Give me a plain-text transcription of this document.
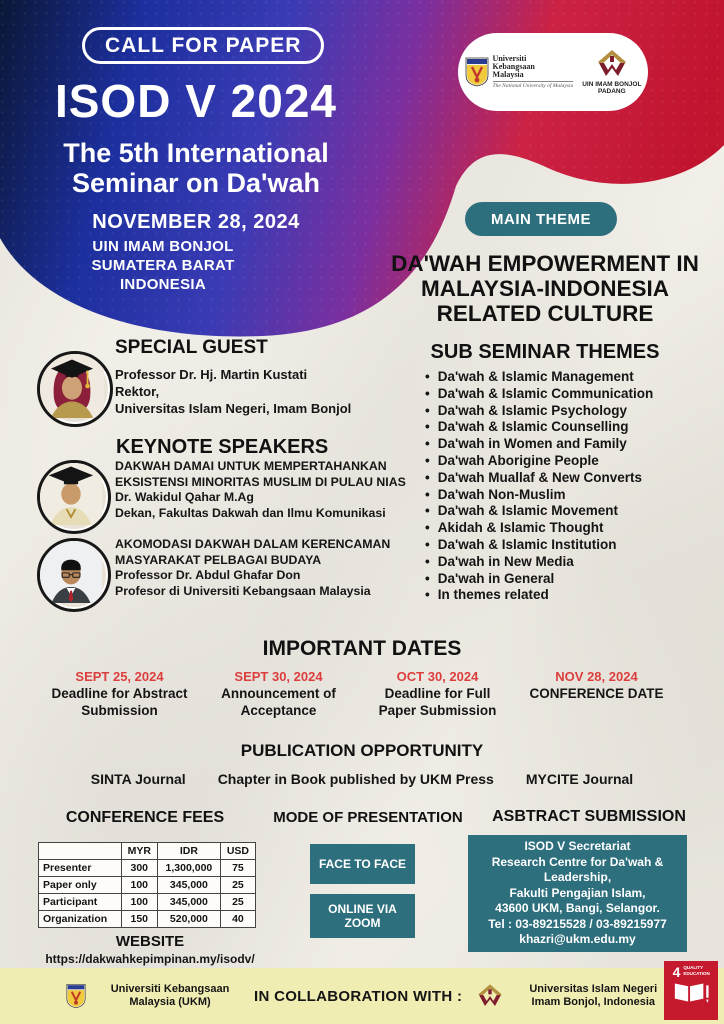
CALL FOR PAPER
ISOD V 2024
The 5th International
Seminar on Da'wah
NOVEMBER 28, 2024
UIN IMAM BONJOL
SUMATERA BARAT
INDONESIA
Universiti
Kebangsaan
Malaysia
The National University of Malaysia UIN IMAM BONJOL
PADANG
MAIN THEME
DA'WAH EMPOWERMENT IN MALAYSIA-INDONESIA RELATED CULTURE
SUB SEMINAR THEMES
• Da'wah & Islamic Management
• Da'wah & Islamic Communication
• Da'wah & Islamic Psychology
• Da'wah & Islamic Counselling
• Da'wah in Women and Family
• Da'wah Aborigine People
• Da'wah Muallaf & New Converts
• Da'wah Non-Muslim
• Da'wah & Islamic Movement
• Akidah & Islamic Thought
• Da'wah & Islamic Institution
• Da'wah in New Media
• Da'wah in General
• In themes related
SPECIAL GUEST
Professor Dr. Hj. Martin Kustati
Rektor,
Universitas Islam Negeri, Imam Bonjol
KEYNOTE SPEAKERS
DAKWAH DAMAI UNTUK MEMPERTAHANKAN EKSISTENSI MINORITAS MUSLIM DI PULAU NIAS
Dr. Wakidul Qahar M.Ag
Dekan, Fakultas Dakwah dan Ilmu Komunikasi
AKOMODASI DAKWAH DALAM KERENCAMAN MASYARAKAT PELBAGAI BUDAYA
Professor Dr. Abdul Ghafar Don
Profesor di Universiti Kebangsaan Malaysia
IMPORTANT DATES
SEPT 25, 2024
Deadline for Abstract Submission
SEPT 30, 2024
Announcement of Acceptance
OCT 30, 2024
Deadline for Full Paper Submission
NOV 28, 2024
CONFERENCE DATE
PUBLICATION OPPORTUNITY
SINTA Journal Chapter in Book published by UKM Press MYCITE Journal
CONFERENCE FEES
	MYR	IDR	USD
Presenter	300	1,300,000	75
Paper only	100	345,000	25
Participant	100	345,000	25
Organization	150	520,000	40
WEBSITE
https://dakwahkepimpinan.my/isodv/
MODE OF PRESENTATION
FACE TO FACE
ONLINE VIA ZOOM
ASBTRACT SUBMISSION
ISOD V Secretariat
Research Centre for Da'wah & Leadership,
Fakulti Pengajian Islam,
43600 UKM, Bangi, Selangor.
Tel : 03-89215528 / 03-89215977
khazri@ukm.edu.my
Universiti Kebangsaan Malaysia (UKM)	IN COLLABORATION WITH :	Universitas Islam Negeri Imam Bonjol, Indonesia
4 QUALITY EDUCATION
